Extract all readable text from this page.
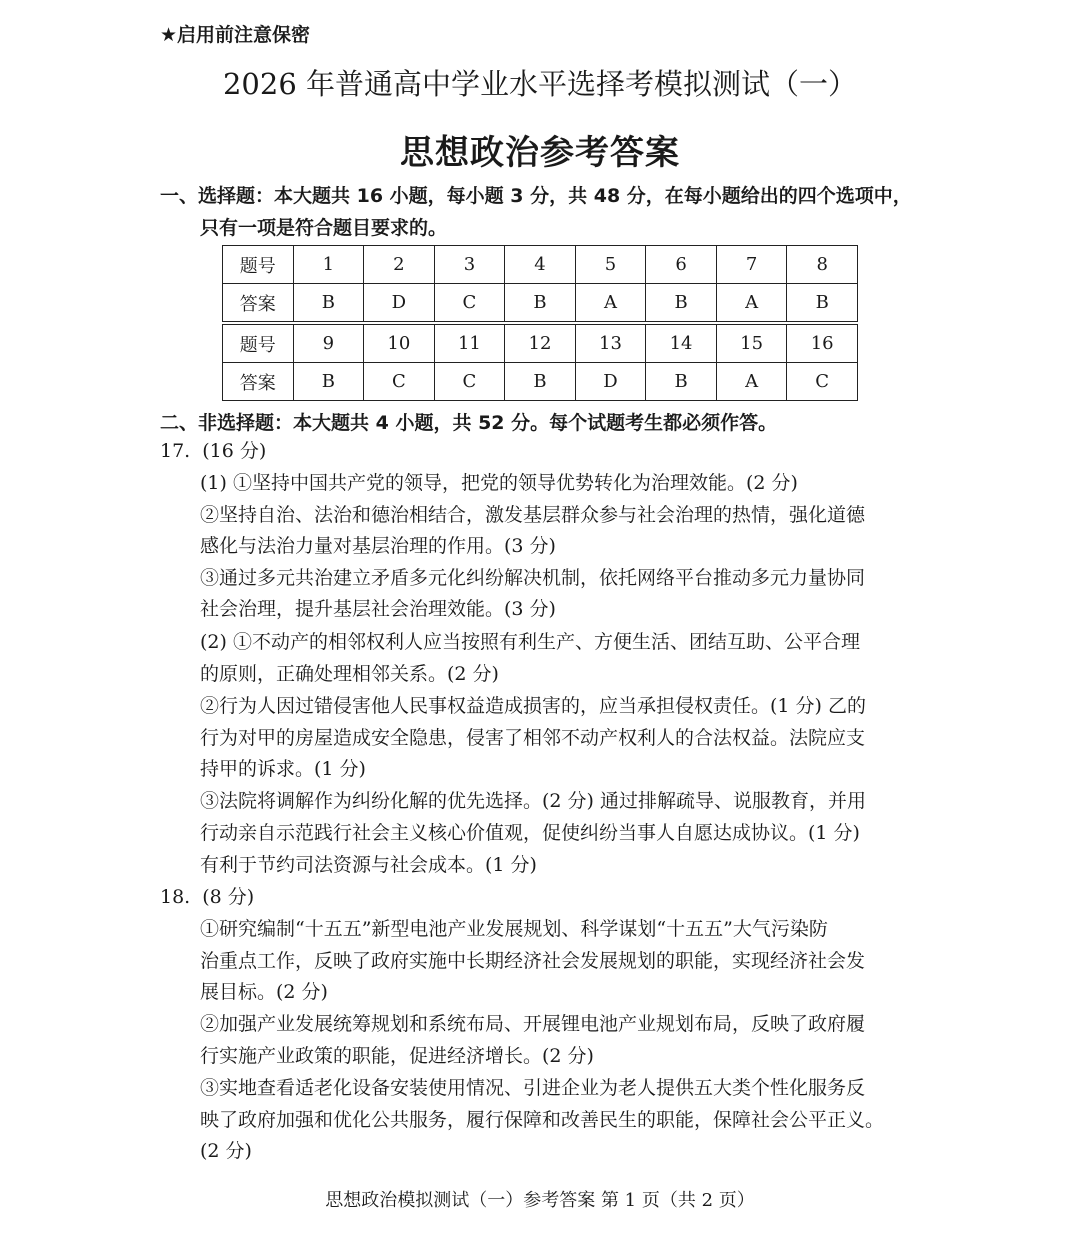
★启用前注意保密
2026 年普通高中学业水平选择考模拟测试（一）
思想政治参考答案
一、选择题：本大题共 16 小题，每小题 3 分，共 48 分，在每小题给出的四个选项中，
只有一项是符合题目要求的。
题号	1	2	3	4	5	6	7	8
答案	B	D	C	B	A	B	A	B
题号	9	10	11	12	13	14	15	16
答案	B	C	C	B	D	B	A	C
二、非选择题：本大题共 4 小题，共 52 分。每个试题考生都必须作答。
17. (16 分)
(1) ①坚持中国共产党的领导，把党的领导优势转化为治理效能。(2 分)
②坚持自治、法治和德治相结合，激发基层群众参与社会治理的热情，强化道德
感化与法治力量对基层治理的作用。(3 分)
③通过多元共治建立矛盾多元化纠纷解决机制，依托网络平台推动多元力量协同
社会治理，提升基层社会治理效能。(3 分)
(2) ①不动产的相邻权利人应当按照有利生产、方便生活、团结互助、公平合理
的原则，正确处理相邻关系。(2 分)
②行为人因过错侵害他人民事权益造成损害的，应当承担侵权责任。(1 分) 乙的
行为对甲的房屋造成安全隐患，侵害了相邻不动产权利人的合法权益。法院应支
持甲的诉求。(1 分)
③法院将调解作为纠纷化解的优先选择。(2 分) 通过排解疏导、说服教育，并用
行动亲自示范践行社会主义核心价值观，促使纠纷当事人自愿达成协议。(1 分)
有利于节约司法资源与社会成本。(1 分)
18. (8 分)
①研究编制“十五五”新型电池产业发展规划、科学谋划“十五五”大气污染防
治重点工作，反映了政府实施中长期经济社会发展规划的职能，实现经济社会发
展目标。(2 分)
②加强产业发展统筹规划和系统布局、开展锂电池产业规划布局，反映了政府履
行实施产业政策的职能，促进经济增长。(2 分)
③实地查看适老化设备安装使用情况、引进企业为老人提供五大类个性化服务反
映了政府加强和优化公共服务，履行保障和改善民生的职能，保障社会公平正义。
(2 分)
思想政治模拟测试（一）参考答案 第 1 页（共 2 页）
